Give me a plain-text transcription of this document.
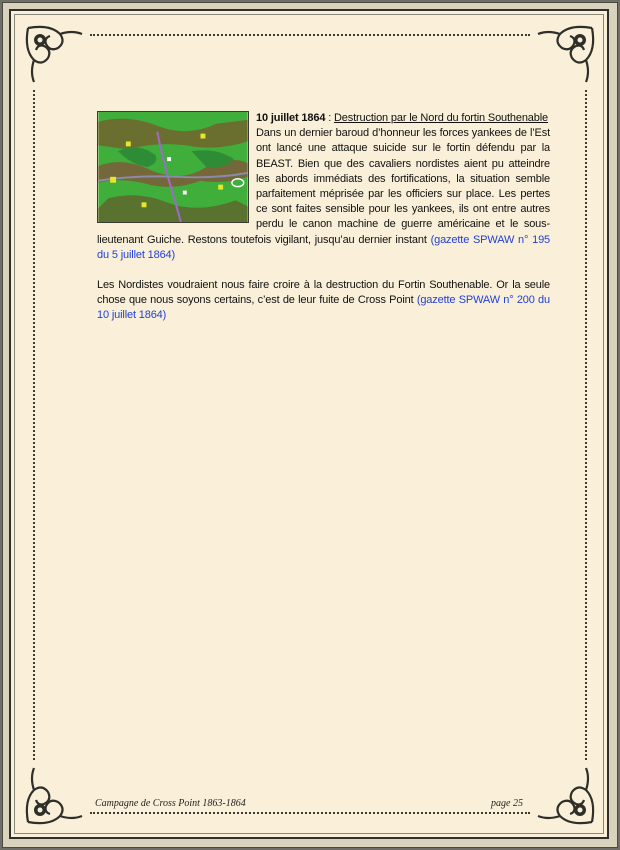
10 juillet 1864 : Destruction par le Nord du fortin Southenable
Dans un dernier baroud d’honneur les forces yankees de l’Est ont lancé une attaque suicide sur le fortin défendu par la BEAST. Bien que des cavaliers nordistes aient pu atteindre les abords immédiats des fortifications, la situation semble parfaitement méprisée par les officiers sur place. Les pertes ce sont faites sensible pour les yankees, ils ont entre autres perdu le canon machine de guerre américaine et le sous-lieutenant Guiche. Restons toutefois vigilant, jusqu’au dernier instant (gazette SPWAW n° 195 du 5 juillet 1864)
Les Nordistes voudraient nous faire croire à la destruction du Fortin Southenable. Or la seule chose que nous soyons certains, c’est de leur fuite de Cross Point (gazette SPWAW n° 200 du 10 juillet 1864)
Campagne de Cross Point 1863-1864	page 25
